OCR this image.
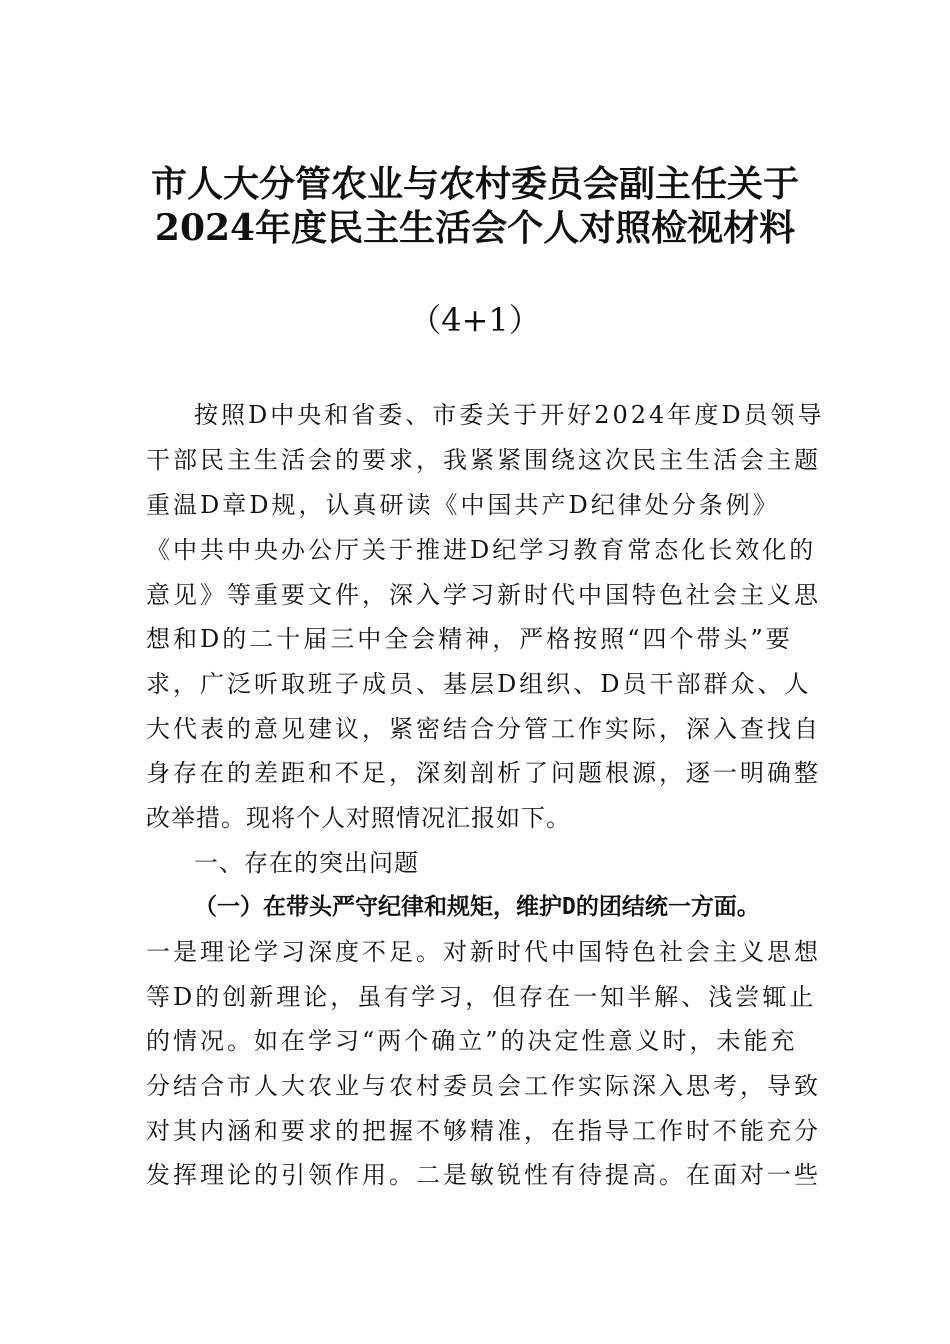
市人大分管农业与农村委员会副主任关于
2024年度民主生活会个人对照检视材料
（4+1）
按照D中央和省委、市委关于开好2024年度D员领导
干部民主生活会的要求，我紧紧围绕这次民主生活会主题
重温D章D规，认真研读《中国共产D纪律处分条例》
《中共中央办公厅关于推进D纪学习教育常态化长效化的
意见》等重要文件，深入学习新时代中国特色社会主义思
想和D的二十届三中全会精神，严格按照“四个带头”要
求，广泛听取班子成员、基层D组织、D员干部群众、人
大代表的意见建议，紧密结合分管工作实际，深入查找自
身存在的差距和不足，深刻剖析了问题根源，逐一明确整
改举措。现将个人对照情况汇报如下。
一、存在的突出问题
（一）在带头严守纪律和规矩，维护D的团结统一方面。
一是理论学习深度不足。对新时代中国特色社会主义思想
等D的创新理论，虽有学习，但存在一知半解、浅尝辄止
的情况。如在学习“两个确立”的决定性意义时，未能充
分结合市人大农业与农村委员会工作实际深入思考，导致
对其内涵和要求的把握不够精准，在指导工作时不能充分
发挥理论的引领作用。二是敏锐性有待提高。在面对一些
